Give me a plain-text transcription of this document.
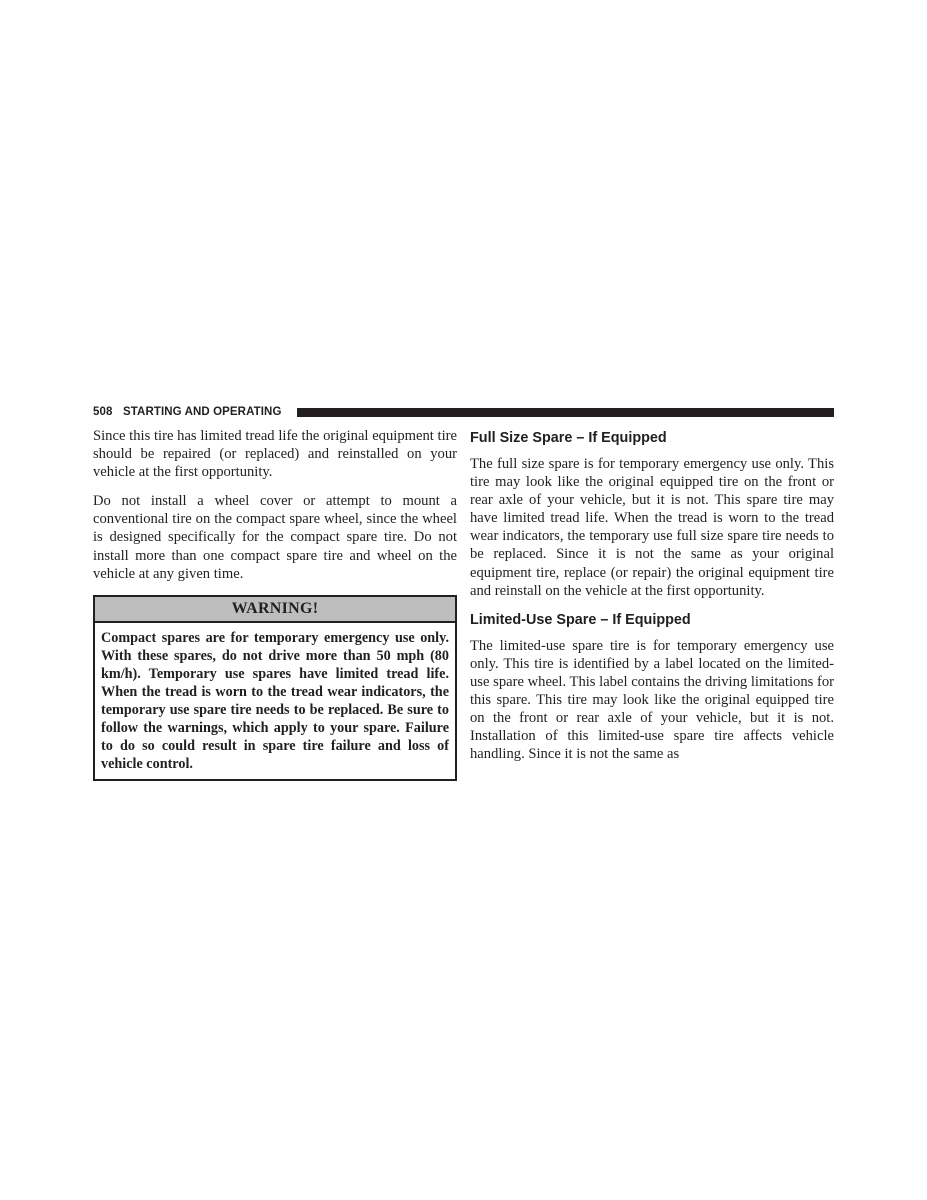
508 STARTING AND OPERATING

Since this tire has limited tread life the original equipment tire should be repaired (or replaced) and reinstalled on your vehicle at the first opportunity.

Do not install a wheel cover or attempt to mount a conventional tire on the compact spare wheel, since the wheel is designed specifically for the compact spare tire. Do not install more than one compact spare tire and wheel on the vehicle at any given time.

WARNING!

Compact spares are for temporary emergency use only. With these spares, do not drive more than 50 mph (80 km/h). Temporary use spares have limited tread life. When the tread is worn to the tread wear indicators, the temporary use spare tire needs to be replaced. Be sure to follow the warnings, which apply to your spare. Failure to do so could result in spare tire failure and loss of vehicle control.

Full Size Spare – If Equipped

The full size spare is for temporary emergency use only. This tire may look like the original equipped tire on the front or rear axle of your vehicle, but it is not. This spare tire may have limited tread life. When the tread is worn to the tread wear indicators, the temporary use full size spare tire needs to be replaced. Since it is not the same as your original equipment tire, replace (or repair) the original equipment tire and reinstall on the vehicle at the first opportunity.

Limited-Use Spare – If Equipped

The limited-use spare tire is for temporary emergency use only. This tire is identified by a label located on the limited-use spare wheel. This label contains the driving limitations for this spare. This tire may look like the original equipped tire on the front or rear axle of your vehicle, but it is not. Installation of this limited-use spare tire affects vehicle handling. Since it is not the same as
